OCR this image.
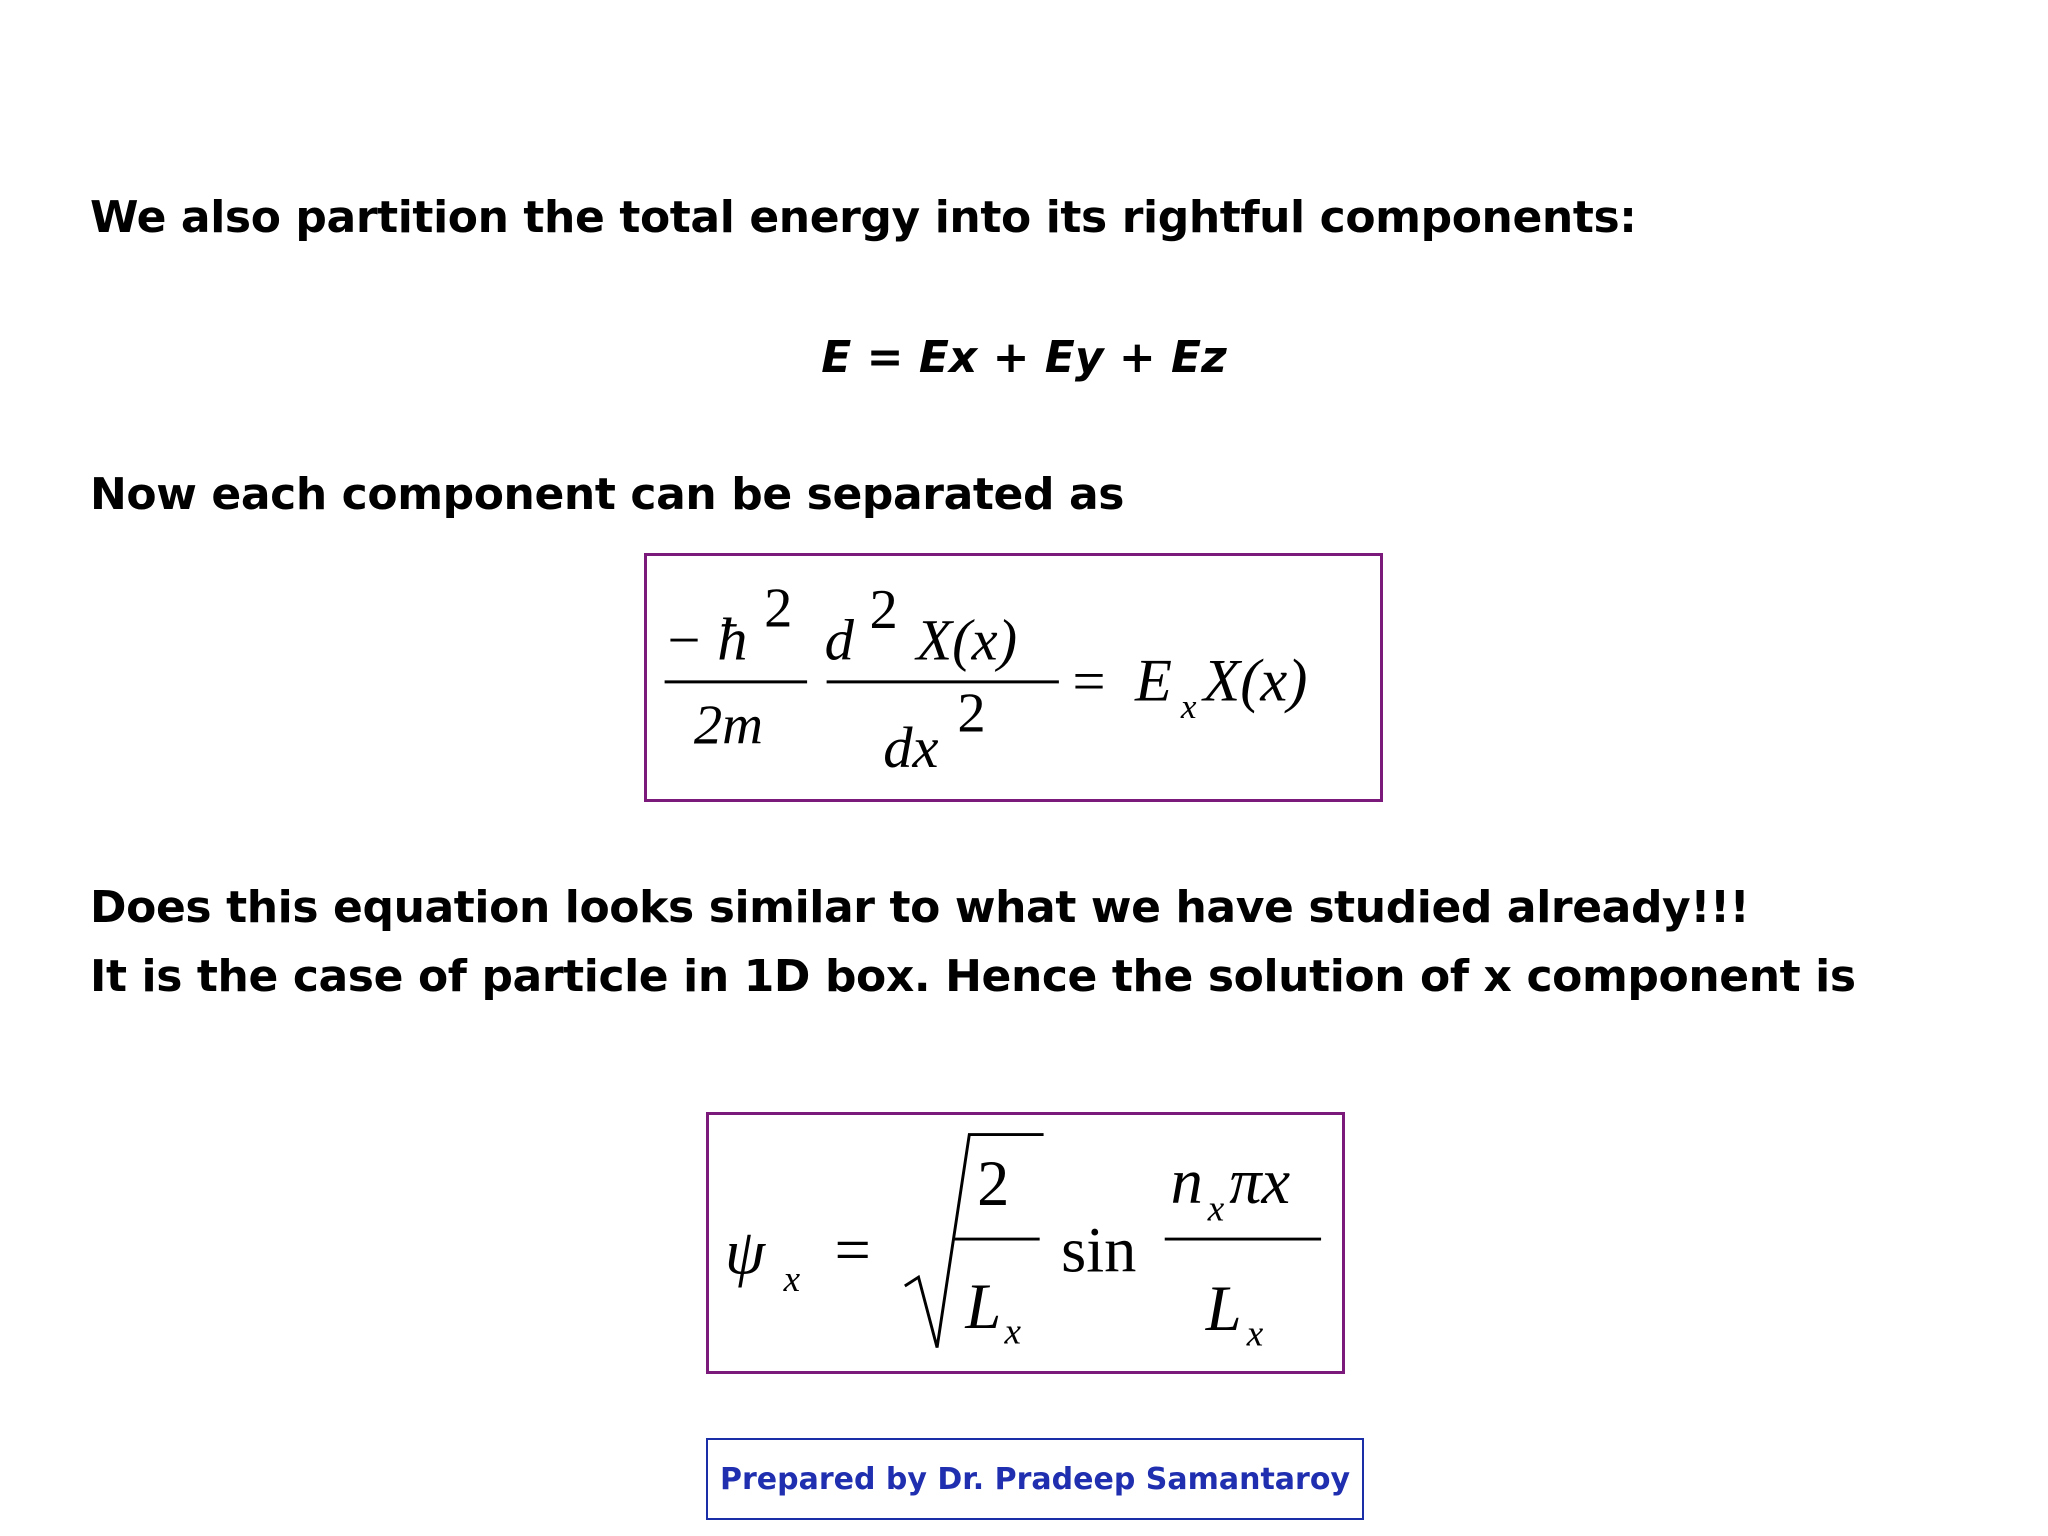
We also partition the total energy into its rightful components:
E = Ex + Ey + Ez
Now each component can be separated as
− ħ 2
2m
d 2 X(x)
dx
2
= E x X(x)
Does this equation looks similar to what we have studied already!!!
It is the case of particle in 1D box. Hence the solution of x component is
ψ x =
2
L x
sin
n x πx
L x
Prepared by Dr. Pradeep Samantaroy
